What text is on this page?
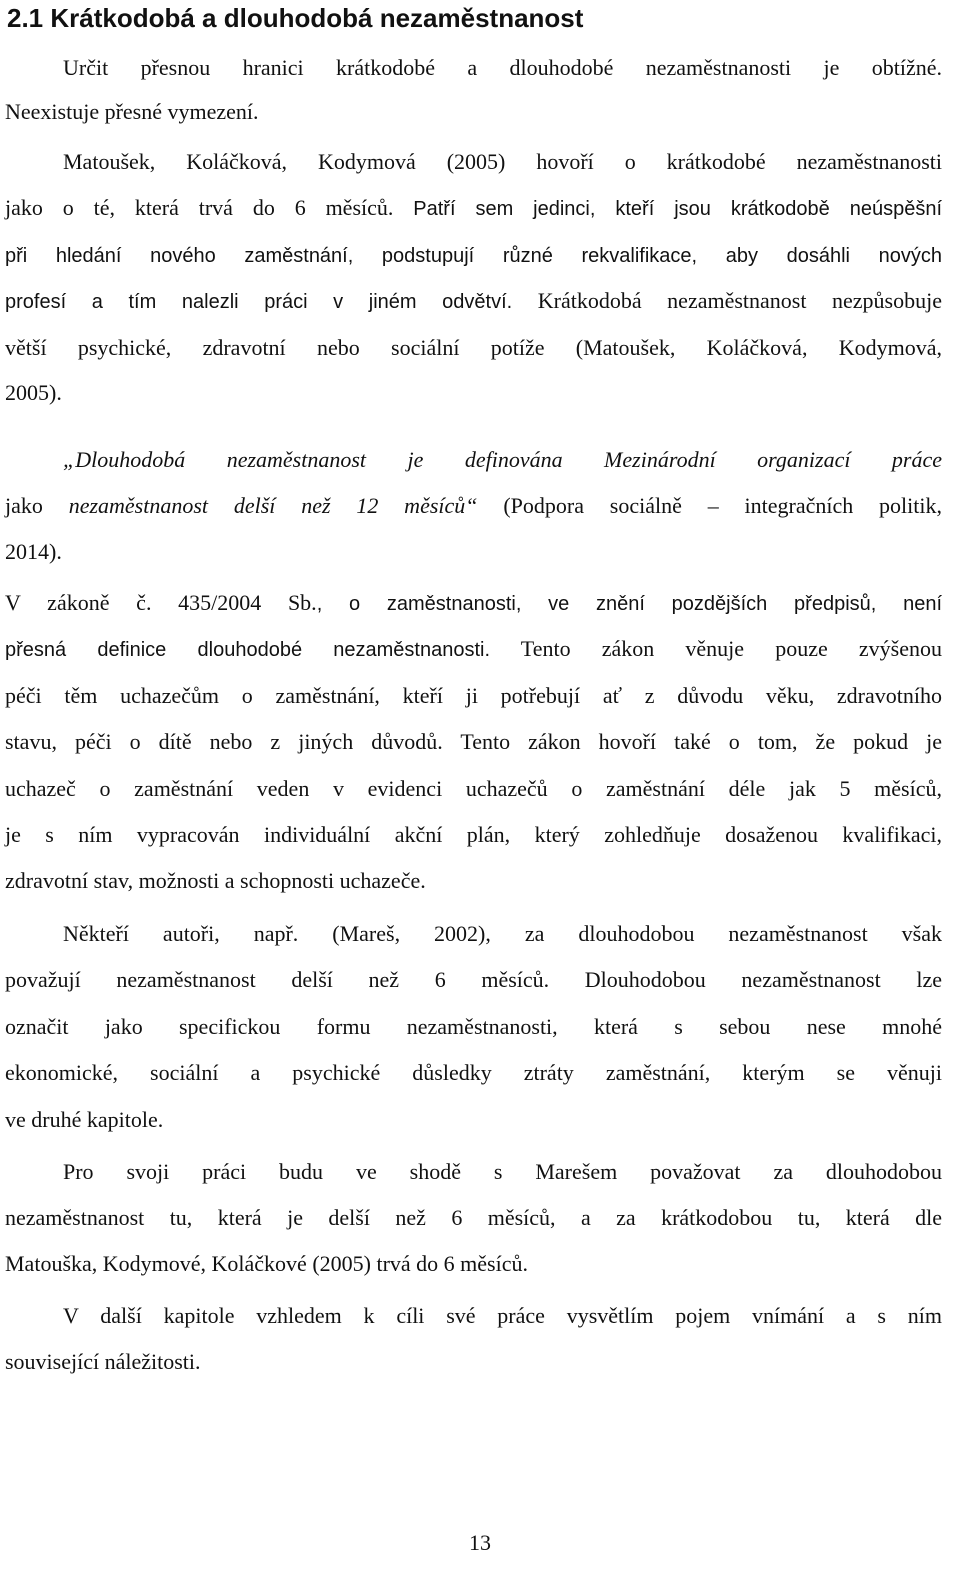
2.1 Krátkodobá a dlouhodobá nezaměstnanost
Určit přesnou hranici krátkodobé a dlouhodobé nezaměstnanosti je obtížné.
Neexistuje přesné vymezení.
Matoušek, Koláčková, Kodymová (2005) hovoří o krátkodobé nezaměstnanosti
jako o té, která trvá do 6 měsíců. Patří sem jedinci, kteří jsou krátkodobě neúspěšní
při hledání nového zaměstnání, podstupují různé rekvalifikace, aby dosáhli nových
profesí a tím nalezli práci v jiném odvětví. Krátkodobá nezaměstnanost nezpůsobuje
větší psychické, zdravotní nebo sociální potíže (Matoušek, Koláčková, Kodymová,
2005).
„Dlouhodobá nezaměstnanost je definována Mezinárodní organizací práce
jako nezaměstnanost delší než 12 měsíců“ (Podpora sociálně – integračních politik,
2014).
V zákoně č. 435/2004 Sb., o zaměstnanosti, ve znění pozdějších předpisů, není
přesná definice dlouhodobé nezaměstnanosti. Tento zákon věnuje pouze zvýšenou
péči těm uchazečům o zaměstnání, kteří ji potřebují ať z důvodu věku, zdravotního
stavu, péči o dítě nebo z jiných důvodů. Tento zákon hovoří také o tom, že pokud je
uchazeč o zaměstnání veden v evidenci uchazečů o zaměstnání déle jak 5 měsíců,
je s ním vypracován individuální akční plán, který zohledňuje dosaženou kvalifikaci,
zdravotní stav, možnosti a schopnosti uchazeče.
Někteří autoři, např. (Mareš, 2002), za dlouhodobou nezaměstnanost však
považují nezaměstnanost delší než 6 měsíců. Dlouhodobou nezaměstnanost lze
označit jako specifickou formu nezaměstnanosti, která s sebou nese mnohé
ekonomické, sociální a psychické důsledky ztráty zaměstnání, kterým se věnuji
ve druhé kapitole.
Pro svoji práci budu ve shodě s Marešem považovat za dlouhodobou
nezaměstnanost tu, která je delší než 6 měsíců, a za krátkodobou tu, která dle
Matouška, Kodymové, Koláčkové (2005) trvá do 6 měsíců.
V další kapitole vzhledem k cíli své práce vysvětlím pojem vnímání a s ním
související náležitosti.
13
